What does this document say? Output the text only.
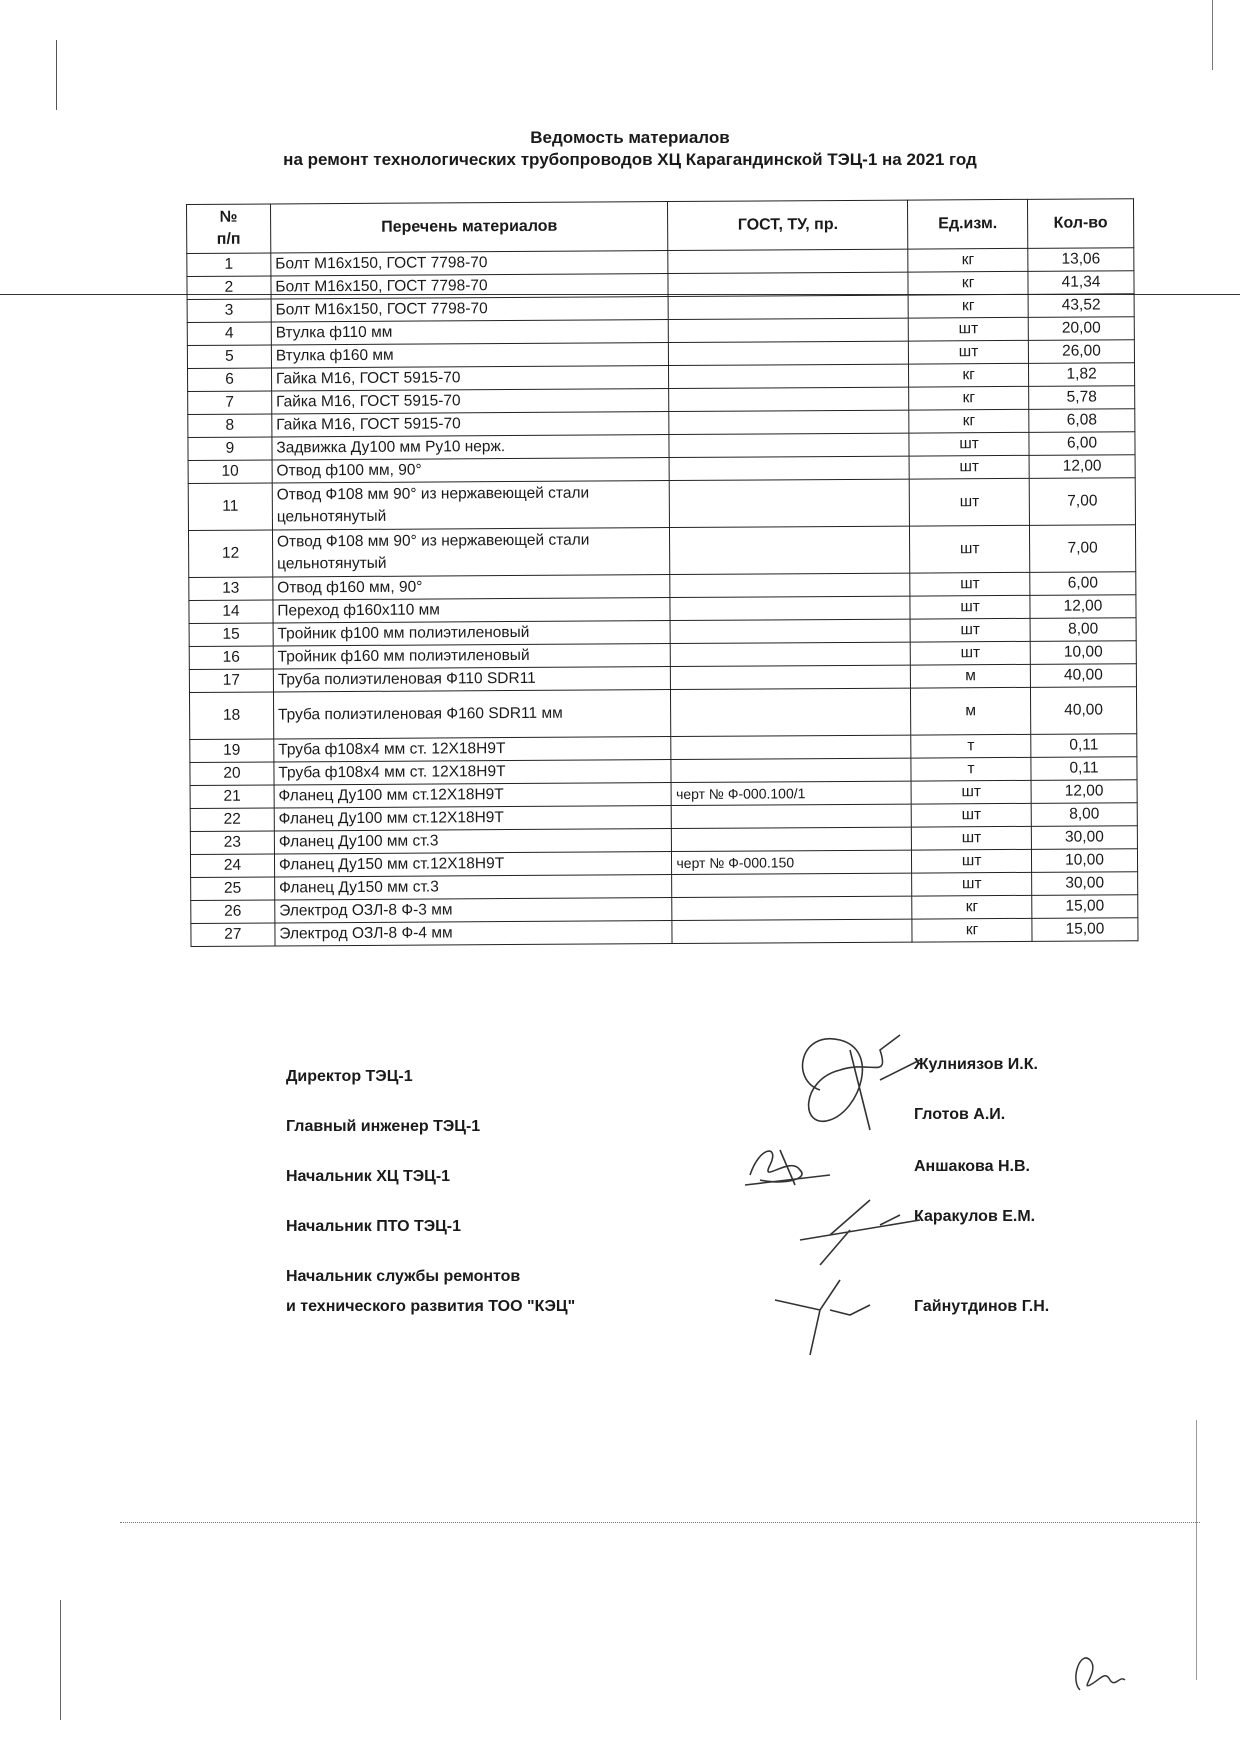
Ведомость материалов
на ремонт технологических трубопроводов ХЦ Карагандинской ТЭЦ-1 на 2021 год
№
п/п	Перечень материалов	ГОСТ, ТУ, пр.	Ед.изм.	Кол-во
1	Болт М16х150, ГОСТ 7798-70		кг	13,06
2	Болт М16х150, ГОСТ 7798-70		кг	41,34
3	Болт М16х150, ГОСТ 7798-70		кг	43,52
4	Втулка ф110 мм		шт	20,00
5	Втулка ф160 мм		шт	26,00
6	Гайка М16, ГОСТ 5915-70		кг	1,82
7	Гайка М16, ГОСТ 5915-70		кг	5,78
8	Гайка М16, ГОСТ 5915-70		кг	6,08
9	Задвижка Ду100 мм Ру10 нерж.		шт	6,00
10	Отвод ф100 мм, 90°		шт	12,00
11	Отвод Ф108 мм 90° из нержавеющей стали цельнотянутый		шт	7,00
12	Отвод Ф108 мм 90° из нержавеющей стали цельнотянутый		шт	7,00
13	Отвод ф160 мм, 90°		шт	6,00
14	Переход ф160х110 мм		шт	12,00
15	Тройник ф100 мм полиэтиленовый		шт	8,00
16	Тройник ф160 мм полиэтиленовый		шт	10,00
17	Труба полиэтиленовая Ф110 SDR11		м	40,00
18	Труба полиэтиленовая Ф160 SDR11 мм		м	40,00
19	Труба ф108х4 мм ст. 12Х18Н9Т		т	0,11
20	Труба ф108х4 мм ст. 12Х18Н9Т		т	0,11
21	Фланец Ду100 мм ст.12Х18Н9Т	черт № Ф-000.100/1	шт	12,00
22	Фланец Ду100 мм ст.12Х18Н9Т		шт	8,00
23	Фланец Ду100 мм ст.3		шт	30,00
24	Фланец Ду150 мм ст.12Х18Н9Т	черт № Ф-000.150	шт	10,00
25	Фланец Ду150 мм ст.3		шт	30,00
26	Электрод ОЗЛ-8 Ф-3 мм		кг	15,00
27	Электрод ОЗЛ-8 Ф-4 мм		кг	15,00
Директор ТЭЦ-1
Жулниязов И.К.
Главный инженер ТЭЦ-1
Глотов А.И.
Начальник ХЦ ТЭЦ-1
Аншакова Н.В.
Начальник ПТО ТЭЦ-1
Каракулов Е.М.
Начальник службы ремонтов
и технического развития ТОО "КЭЦ"	Гайнутдинов Г.Н.
